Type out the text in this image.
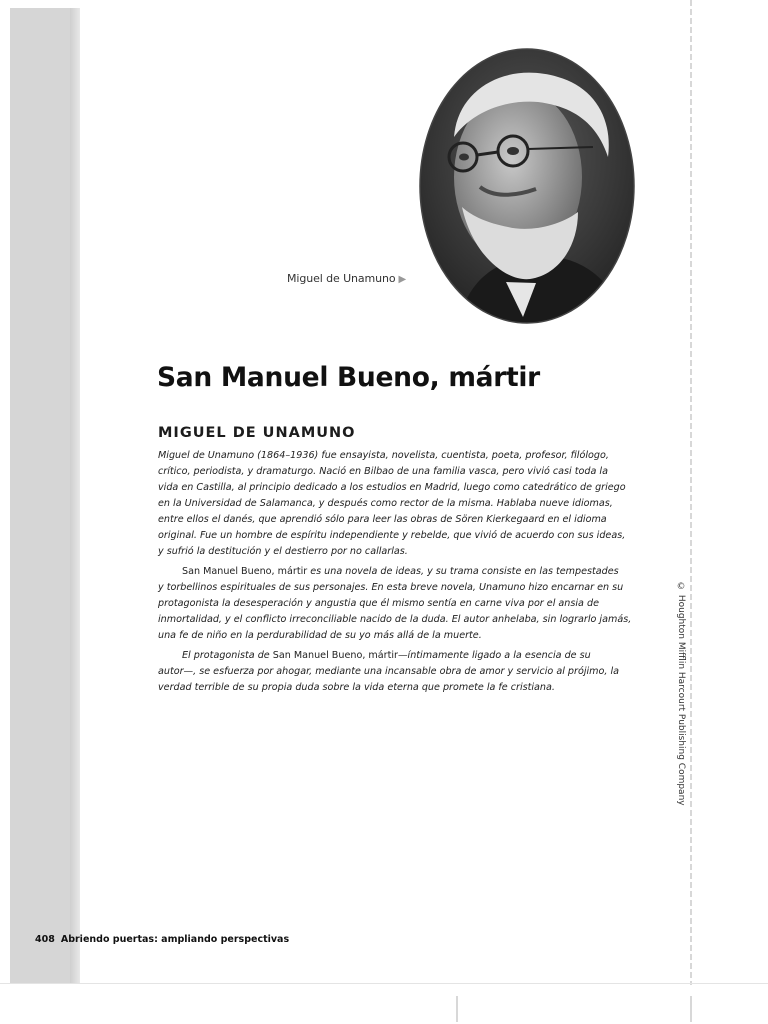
Miguel de Unamuno ▶
San Manuel Bueno, mártir
MIGUEL DE UNAMUNO

Miguel de Unamuno (1864–1936) fue ensayista, novelista, cuentista, poeta, profesor, filólogo,
crítico, periodista, y dramaturgo. Nació en Bilbao de una familia vasca, pero vivió casi toda la
vida en Castilla, al principio dedicado a los estudios en Madrid, luego como catedrático de griego
en la Universidad de Salamanca, y después como rector de la misma. Hablaba nueve idiomas,
entre ellos el danés, que aprendió sólo para leer las obras de Sören Kierkegaard en el idioma
original. Fue un hombre de espíritu independiente y rebelde, que vivió de acuerdo con sus ideas,
y sufrió la destitución y el destierro por no callarlas.

San Manuel Bueno, mártir es una novela de ideas, y su trama consiste en las tempestades
y torbellinos espirituales de sus personajes. En esta breve novela, Unamuno hizo encarnar en su
protagonista la desesperación y angustia que él mismo sentía en carne viva por el ansia de
inmortalidad, y el conflicto irreconciliable nacido de la duda. El autor anhelaba, sin lograrlo jamás,
una fe de niño en la perdurabilidad de su yo más allá de la muerte.

El protagonista de San Manuel Bueno, mártir—íntimamente ligado a la esencia de su
autor—, se esfuerza por ahogar, mediante una incansable obra de amor y servicio al prójimo, la
verdad terrible de su propia duda sobre la vida eterna que promete la fe cristiana.	© Houghton Mifflin Harcourt Publishing Company
408 Abriendo puertas: ampliando perspectivas
